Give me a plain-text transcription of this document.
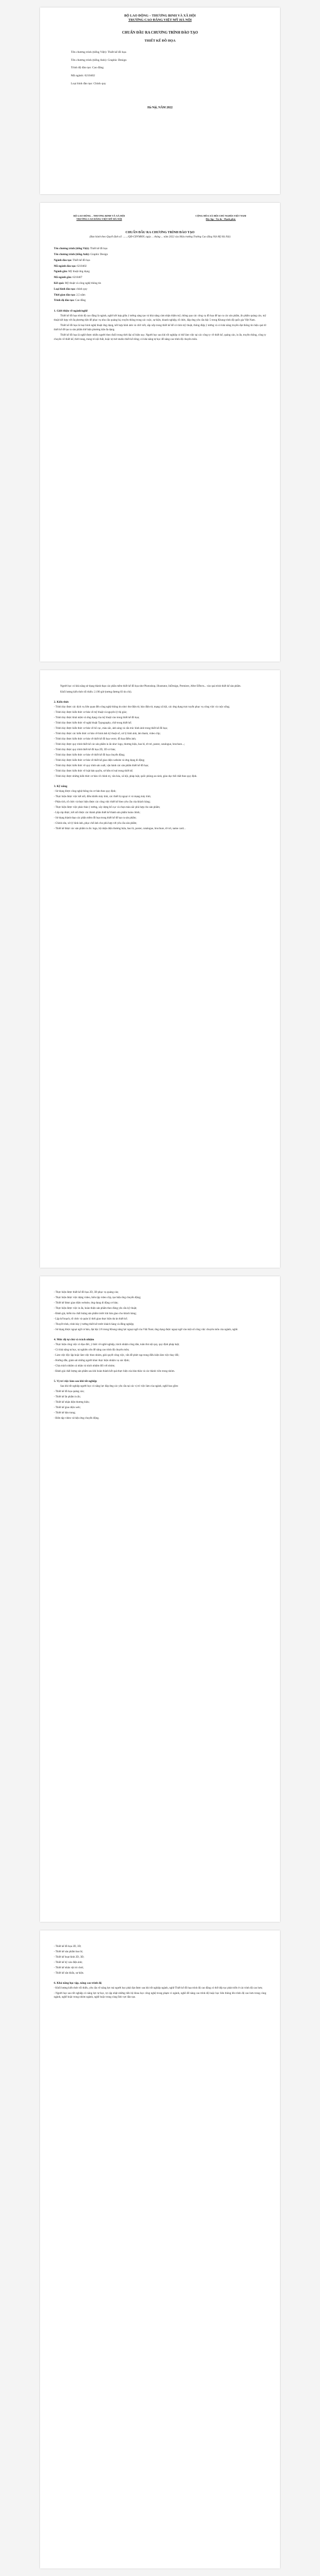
BỘ LAO ĐỘNG – THƯƠNG BINH VÀ XÃ HỘI
TRƯỜNG CAO ĐẲNG VIỆT MỸ HÀ NỘI
CHUẨN ĐẦU RA CHƯƠNG TRÌNH ĐÀO TẠO
THIẾT KẾ ĐỒ HỌA
Tên chương trình (tiếng Việt): Thiết kế đồ họa
Tên chương trình (tiếng Anh): Graphic Design
Trình độ đào tạo: Cao đẳng
Mã ngành: 6210402
Loại hình đào tạo: Chính quy
Hà Nội, NĂM 2022
BỘ LAO ĐỘNG – THƯƠNG BINH VÀ XÃ HỘI
TRƯỜNG CAO ĐẲNG VIỆT MỸ HÀ NỘI
CỘNG HÒA XÃ HỘI CHỦ NGHĨA VIỆT NAM
Độc lập - Tự do - Hạnh phúc
CHUẨN ĐẦU RA CHƯƠNG TRÌNH ĐÀO TẠO
(Ban hành theo Quyết định số: ......./QĐ-CĐVMHN, ngày ... tháng ... năm 2022 của Hiệu trưởng Trường Cao đẳng Việt Mỹ Hà Nội)
Tên chương trình (tiếng Việt): Thiết kế đồ họa
Tên chương trình (tiếng Anh): Graphic Design
Ngành đào tạo: Thiết kế đồ họa
Mã ngành đào tạo: 6210402
Ngành gần: Mỹ thuật ứng dụng
Mã ngành gần: 6210407
Kết quả: Mỹ thuật và công nghệ thông tin
Loại hình đào tạo: chính quy
Thời gian đào tạo: 2,5 năm
Trình độ đào tạo: Cao đẳng
1. Giới thiệu về ngành/nghề
Thiết kế đồ họa trình độ cao đẳng là ngành, nghề kết hợp giữa ý tưởng sáng tạo và khả năng cảm nhận thẩm mỹ, thông qua các công cụ đồ họa để tạo ra các sản phẩm, ấn phẩm quảng cáo, mỹ thuật kết hợp với đa phương tiện để phục vụ nhu cầu quảng bá, truyền thông trong các cuộc, sự kiện, doanh nghiệp, tổ chức, đáp ứng yêu cầu bậc 5 trong Khung trình độ quốc gia Việt Nam.
Thiết kế đồ họa là loại hình nghệ thuật ứng dụng, kết hợp hình ảnh và chữ viết, sắp xếp trong thiết kế để có tính mỹ thuật, thông điệp ý tưởng và có khả năng truyền đạt thông tin hiệu quả từ thiết kế để tạo ra sản phẩm thể hiện phương tiện đa dạng.
Thiết kế đồ họa là nghề được nhiều người theo đuổi trong thời đại số hiện nay. Người học sau khi tốt nghiệp có thể làm việc tại các công ty về thiết kế, quảng cáo, in ấn, truyền thông, công ty chuyên về thiết kế, thời trang, trang trí nội thất, hoặc tự mở studio thiết kế riêng; có khả năng tự học để nâng cao trình độ chuyên môn.
Người học có khả năng sử dụng thành thạo các phần mềm thiết kế đồ họa như Photoshop, Illustrator, InDesign, Premiere, After Effects... vào quá trình thiết kế sản phẩm.
Khối lượng kiến thức tối thiểu: 2.190 giờ (tương đương 83 tín chỉ).
2. Kiến thức
- Trình bày được các dịch vụ liên quan đến công nghệ thông tin như: thư điện tử, báo điện tử, mạng xã hội, các ứng dụng trực tuyến phục vụ công việc và cuộc sống;
- Trình bày được kiến thức cơ bản về mỹ thuật và nguyên lý thị giác;
- Trình bày được khái niệm và ứng dụng của mỹ thuật vào trong thiết kế đồ họa;
- Trình bày được kiến thức về nghệ thuật Typography, chữ trong thiết kế;
- Trình bày được kiến thức cơ bản về bố cục, màu sắc, ánh sáng và cấu trúc hình ảnh trong thiết kế đồ họa;
- Trình bày được các kiến thức cơ bản về hình ảnh kỹ thuật số, xử lý hình ảnh, âm thanh, video clip;
- Trình bày được kiến thức cơ bản về thiết kế đồ họa vectơ, đồ họa điểm ảnh;
- Trình bày được quy trình thiết kế các sản phẩm in ấn như: logo, thương hiệu, bao bì, tờ rơi, poster, catalogue, brochure...;
- Trình bày được quy trình thiết kế đồ họa 2D, 3D cơ bản;
- Trình bày được kiến thức cơ bản về thiết kế đồ họa chuyển động;
- Trình bày được kiến thức cơ bản về thiết kế giao diện website và ứng dụng di động;
- Trình bày được kiến thức về quy trình sản xuất, vận hành các sản phẩm thiết kế đồ họa;
- Trình bày được kiến thức về luật bản quyền, sở hữu trí tuệ trong thiết kế;
- Trình bày được những kiến thức cơ bản về chính trị, văn hóa, xã hội, pháp luật, quốc phòng an ninh, giáo dục thể chất theo quy định.
3. Kỹ năng
- Sử dụng được công nghệ thông tin cơ bản theo quy định;
- Thực hiện được việc kết nối, điều khiển máy tính, các thiết bị ngoại vi và mạng máy tính;
- Phân tích, tổ chức và thực hiện được các công việc thiết kế theo yêu cầu của khách hàng;
- Thực hiện được việc phác thảo ý tưởng, xây dựng bố cục và chọn màu sắc phù hợp cho sản phẩm;
- Lắp ráp được, kết nối được các thành phần thiết kế thành sản phẩm hoàn chỉnh;
- Sử dụng thành thạo các phần mềm đồ họa trong thiết kế để tạo ra sản phẩm;
- Chỉnh sửa, xử lý hình ảnh, phục chế ảnh cho phù hợp với yêu cầu sản phẩm;
- Thiết kế được các sản phẩm in ấn: logo, bộ nhận diện thương hiệu, bao bì, poster, catalogue, brochure, tờ rơi, name card...
- Thực hiện được thiết kế đồ họa 2D, 3D phục vụ quảng cáo;
- Thực hiện được việc dựng video, biên tập video clip, tạo hiệu ứng chuyển động;
- Thiết kế được giao diện website, ứng dụng di động cơ bản;
- Thực hiện được việc in ấn, hoàn thiện sản phẩm theo đúng yêu cầu kỹ thuật;
- Đánh giá, kiểm tra chất lượng sản phẩm trước khi bàn giao cho khách hàng;
- Lập kế hoạch, tổ chức và quản lý thời gian thực hiện dự án thiết kế;
- Thuyết trình, trình bày ý tưởng thiết kế trước khách hàng và đồng nghiệp;
- Sử dụng được ngoại ngữ cơ bản, đạt bậc 2/6 trong Khung năng lực ngoại ngữ của Việt Nam; ứng dụng được ngoại ngữ vào một số công việc chuyên môn của ngành, nghề.
4. Mức độ tự chủ và trách nhiệm
- Thực hiện công việc có đạo đức, ý thức về nghề nghiệp, trách nhiệm công dân, tuân thủ nội quy, quy định pháp luật;
- Có khả năng tự học, tự nghiên cứu để nâng cao trình độ chuyên môn;
- Làm việc độc lập hoặc làm việc theo nhóm, giải quyết công việc, vấn đề phức tạp trong điều kiện làm việc thay đổi;
- Hướng dẫn, giám sát những người khác thực hiện nhiệm vụ xác định;
- Chịu trách nhiệm cá nhân và trách nhiệm đối với nhóm;
- Đánh giá chất lượng sản phẩm sau khi hoàn thành kết quả thực hiện của bản thân và các thành viên trong nhóm.
5. Vị trí việc làm sau khi tốt nghiệp
Sau khi tốt nghiệp người học có năng lực đáp ứng các yêu cầu tại các vị trí việc làm của ngành, nghề bao gồm:
- Thiết kế đồ họa quảng cáo;
- Thiết kế ấn phẩm in ấn;
- Thiết kế nhận diện thương hiệu;
- Thiết kế giao diện web;
- Thiết kế dàn trang;
- Biên tập video và hiệu ứng chuyển động.
- Thiết kế đồ họa 2D, 3D;
- Thiết kế sản phẩm bao bì;
- Thiết kế hoạt hình 2D, 3D;
- Thiết kế kỹ xảo điện ảnh;
- Thiết kế nhân vật trò chơi;
- Thiết kế sân khấu, sự kiện.
6. Khả năng học tập, nâng cao trình độ
- Khối lượng kiến thức tối thiểu, yêu cầu về năng lực mà người học phải đạt được sau khi tốt nghiệp ngành, nghề Thiết kế đồ họa trình độ cao đẳng có thể tiếp tục phát triển ở các trình độ cao hơn;
- Người học sau tốt nghiệp có năng lực tự học, tự cập nhật những tiến bộ khoa học công nghệ trong phạm vi ngành, nghề để nâng cao trình độ hoặc học liên thông lên trình độ cao hơn trong cùng ngành, nghề hoặc trong nhóm ngành, nghề hoặc trong cùng lĩnh vực đào tạo.
